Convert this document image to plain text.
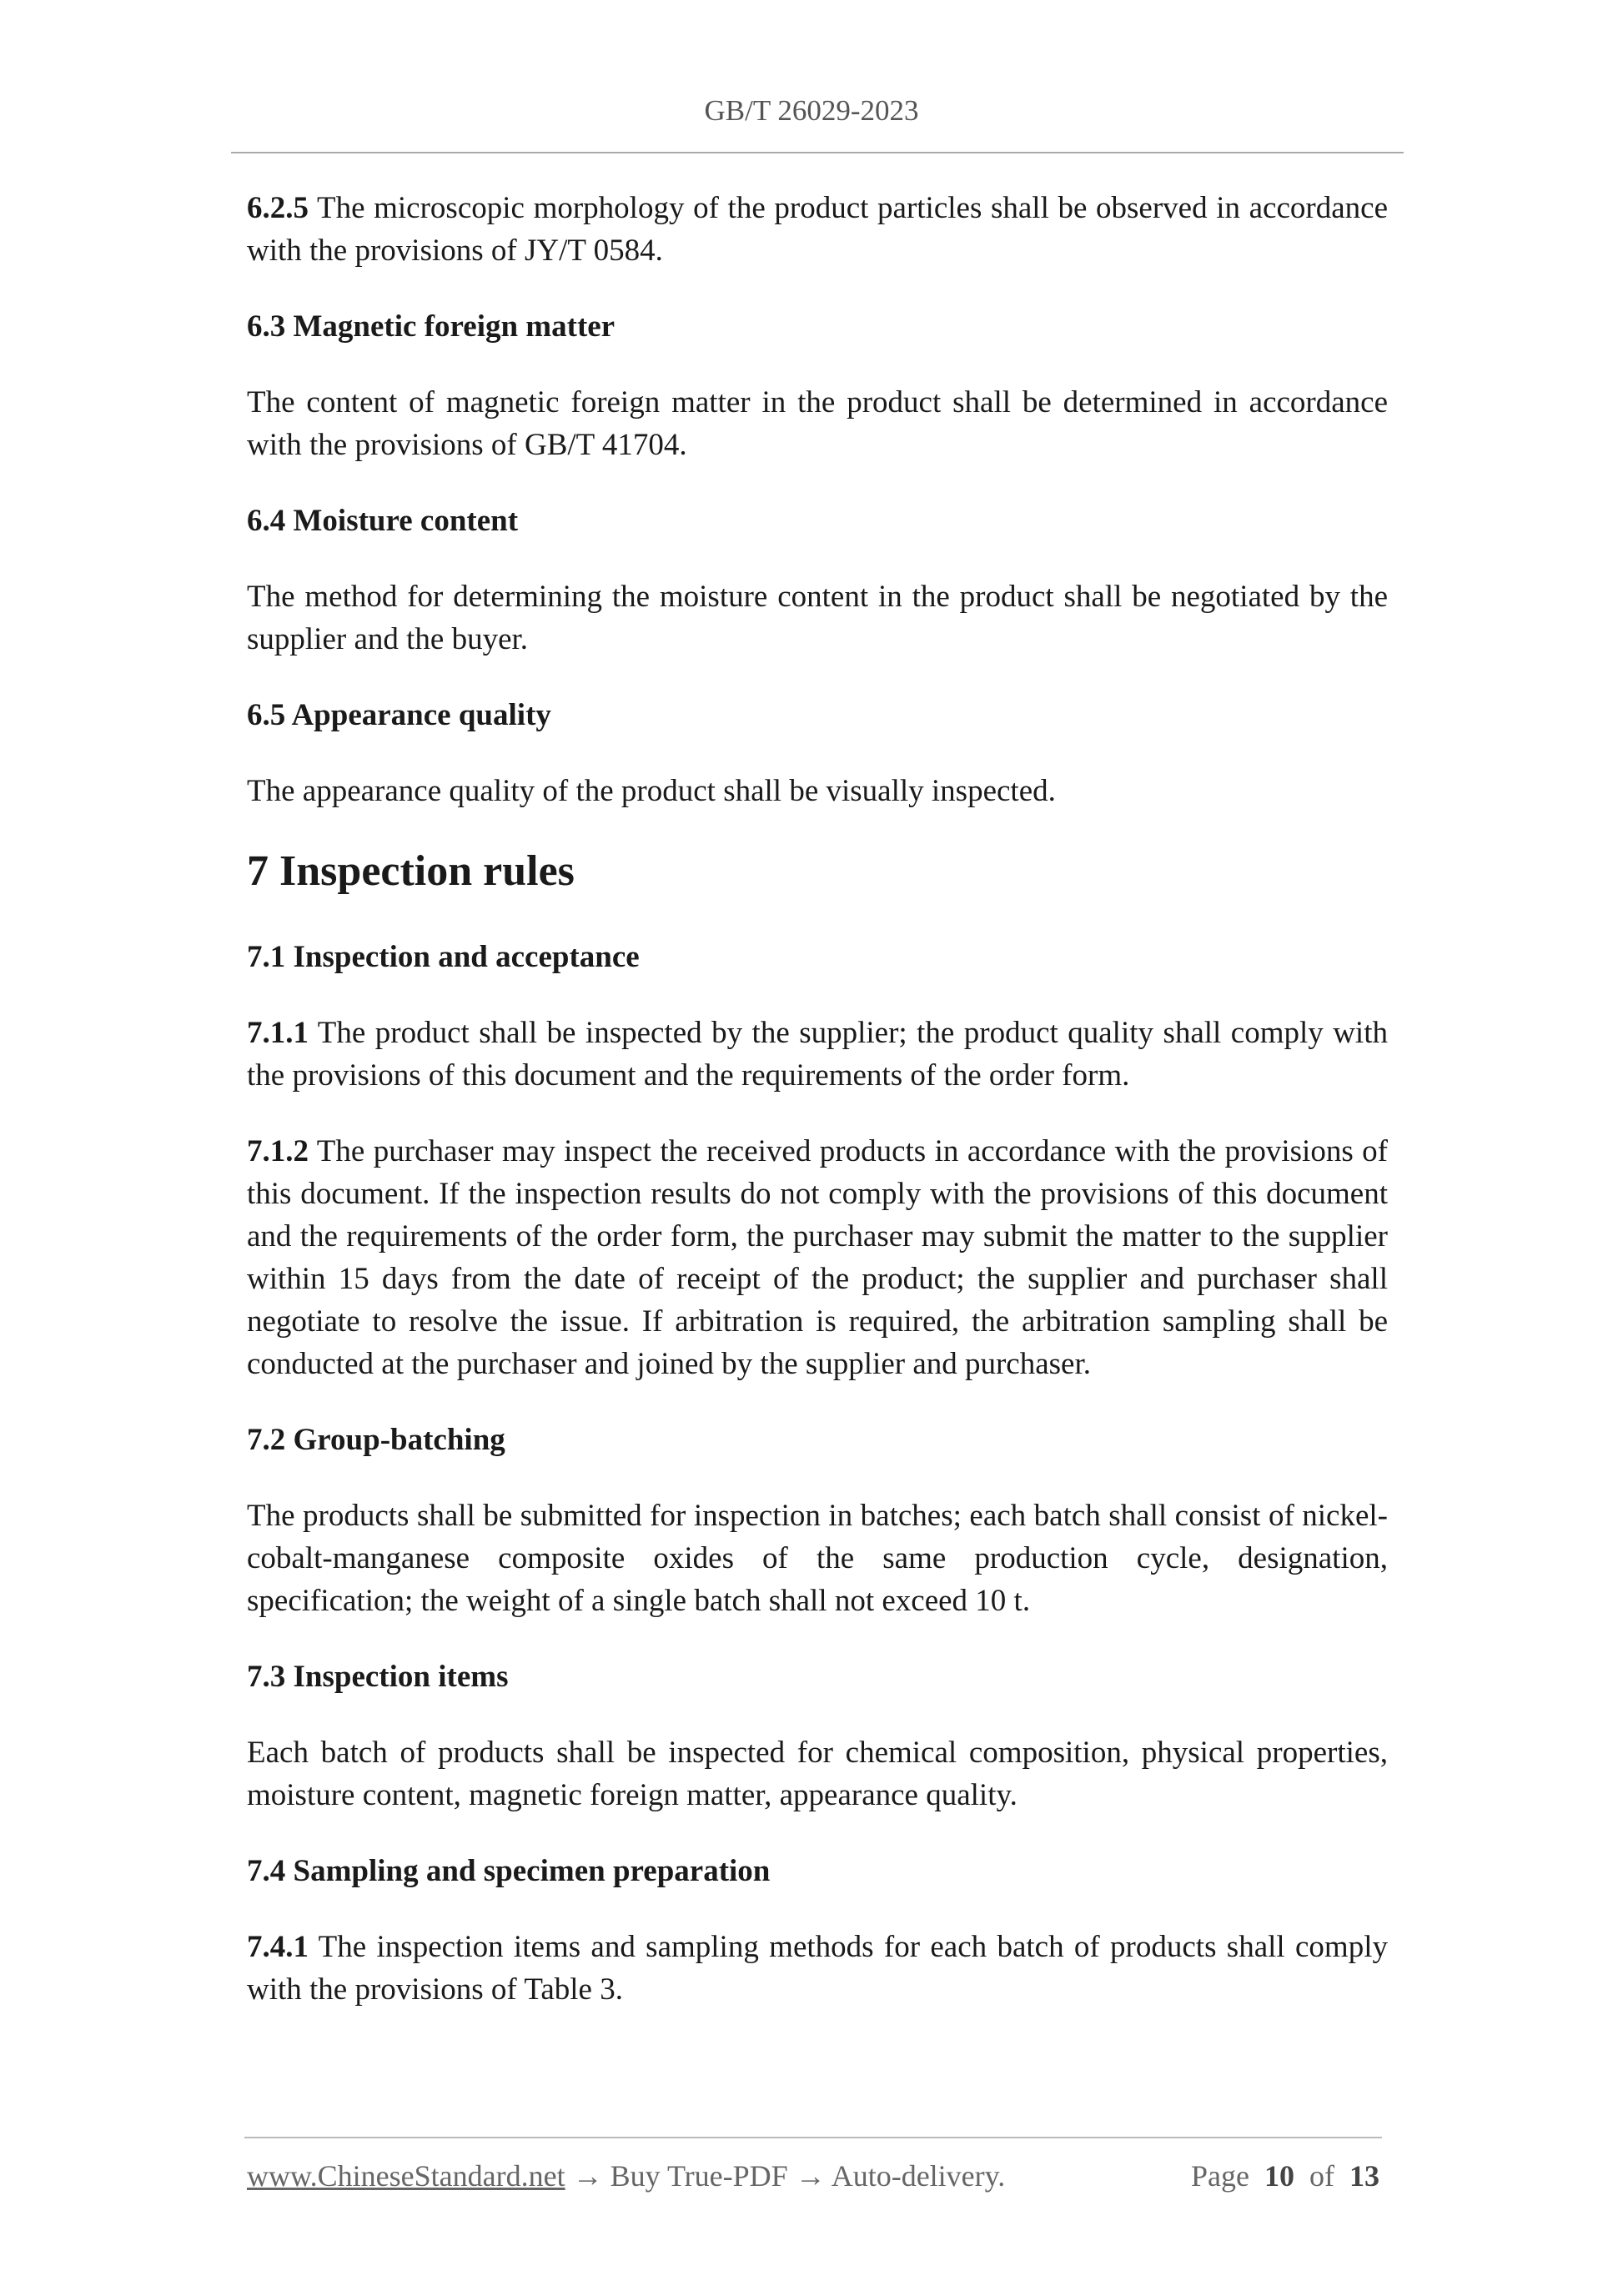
GB/T 26029-2023

6.2.5 The microscopic morphology of the product particles shall be observed in accordance with the provisions of JY/T 0584.

6.3 Magnetic foreign matter

The content of magnetic foreign matter in the product shall be determined in accordance with the provisions of GB/T 41704.

6.4 Moisture content

The method for determining the moisture content in the product shall be negotiated by the supplier and the buyer.

6.5 Appearance quality

The appearance quality of the product shall be visually inspected.

7 Inspection rules
7.1 Inspection and acceptance

7.1.1 The product shall be inspected by the supplier; the product quality shall comply with the provisions of this document and the requirements of the order form.

7.1.2 The purchaser may inspect the received products in accordance with the provisions of this document. If the inspection results do not comply with the provisions of this document and the requirements of the order form, the purchaser may submit the matter to the supplier within 15 days from the date of receipt of the product; the supplier and purchaser shall negotiate to resolve the issue. If arbitration is required, the arbitration sampling shall be conducted at the purchaser and joined by the supplier and purchaser.

7.2 Group-batching

The products shall be submitted for inspection in batches; each batch shall consist of nickel-cobalt-manganese composite oxides of the same production cycle, designation, specification; the weight of a single batch shall not exceed 10 t.

7.3 Inspection items

Each batch of products shall be inspected for chemical composition, physical properties, moisture content, magnetic foreign matter, appearance quality.

7.4 Sampling and specimen preparation

7.4.1 The inspection items and sampling methods for each batch of products shall comply with the provisions of Table 3.

www.ChineseStandard.net → Buy True-PDF → Auto-delivery.	Page 10 of 13
